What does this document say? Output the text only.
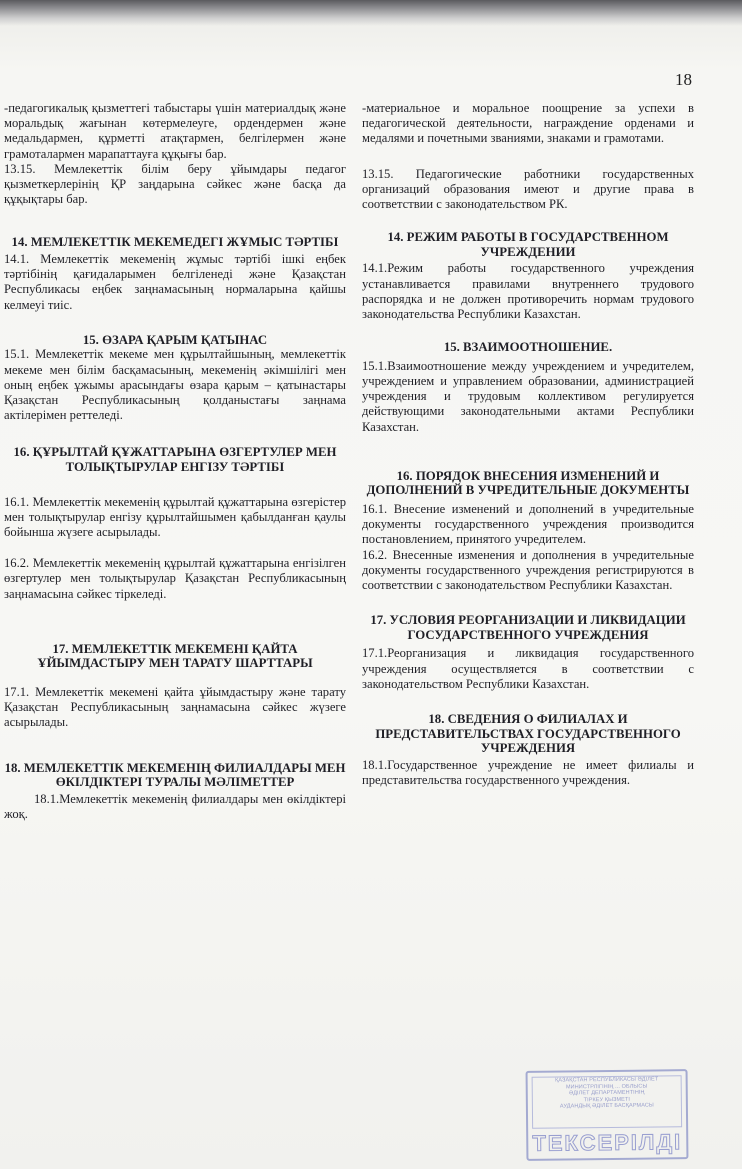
18

-педагогикалық қызметтегі табыстары үшін материалдық және моральдық жағынан көтермелеуге, ордендермен және медальдармен, құрметті атақтармен, белгілермен және грамоталармен марапаттауға құқығы бар.

13.15. Мемлекеттік білім беру ұйымдары педагог қызметкерлерінің ҚР заңдарына сәйкес және басқа да құқықтары бар.

14. МЕМЛЕКЕТТІК МЕКЕМЕДЕГІ ЖҰМЫС ТӘРТІБІ

14.1. Мемлекеттік мекеменің жұмыс тәртібі ішкі еңбек тәртібінің қағидаларымен белгіленеді және Қазақстан Республикасы еңбек заңнамасының нормаларына қайшы келмеуі тиіс.

15. ӨЗАРА ҚАРЫМ ҚАТЫНАС

15.1. Мемлекеттік мекеме мен құрылтайшының, мемлекеттік мекеме мен білім басқамасының, мекеменің әкімшілігі мен оның еңбек ұжымы арасындағы өзара қарым – қатынастары Қазақстан Республикасының қолданыстағы заңнама актілерімен реттеледі.

16. ҚҰРЫЛТАЙ ҚҰЖАТТАРЫНА ӨЗГЕРТУЛЕР МЕН ТОЛЫҚТЫРУЛАР ЕНГІЗУ ТӘРТІБІ

16.1. Мемлекеттік мекеменің құрылтай құжаттарына өзгерістер мен толықтырулар енгізу құрылтайшымен қабылданған қаулы бойынша жүзеге асырылады.

16.2. Мемлекеттік мекеменің құрылтай құжаттарына енгізілген өзгертулер мен толықтырулар Қазақстан Республикасының заңнамасына сәйкес тіркеледі.

17. МЕМЛЕКЕТТІК МЕКЕМЕНІ ҚАЙТА ҰЙЫМДАСТЫРУ МЕН ТАРАТУ ШАРТТАРЫ

17.1. Мемлекеттік мекемені қайта ұйымдастыру және тарату Қазақстан Республикасының заңнамасына сәйкес жүзеге асырылады.

18. МЕМЛЕКЕТТІК МЕКЕМЕНІҢ ФИЛИАЛДАРЫ МЕН ӨКІЛДІКТЕРІ ТУРАЛЫ МӘЛІМЕТТЕР

18.1.Мемлекеттік мекеменің филиалдары мен өкілдіктері жоқ.

-материальное и моральное поощрение за успехи в педагогической деятельности, награждение орденами и медалями и почетными званиями, знаками и грамотами.

13.15. Педагогические работники государственных организаций образования имеют и другие права в соответствии с законодательством РК.

14. РЕЖИМ РАБОТЫ В ГОСУДАРСТВЕННОМ УЧРЕЖДЕНИИ

14.1.Режим работы государственного учреждения устанавливается правилами внутреннего трудового распорядка и не должен противоречить нормам трудового законодательства Республики Казахстан.

15. ВЗАИМООТНОШЕНИЕ.

15.1.Взаимоотношение между учреждением и учредителем, учреждением и управлением образовании, администрацией учреждения и трудовым коллективом регулируется действующими законодательными актами Республики Казахстан.

16. ПОРЯДОК ВНЕСЕНИЯ ИЗМЕНЕНИЙ И ДОПОЛНЕНИЙ В УЧРЕДИТЕЛЬНЫЕ ДОКУМЕНТЫ

16.1. Внесение изменений и дополнений в учредительные документы государственного учреждения производится постановлением, принятого учредителем.

16.2. Внесенные изменения и дополнения в учредительные документы государственного учреждения регистрируются в соответствии с законодательством Республики Казахстан.

17. УСЛОВИЯ РЕОРГАНИЗАЦИИ И ЛИКВИДАЦИИ ГОСУДАРСТВЕННОГО УЧРЕЖДЕНИЯ

17.1.Реорганизация и ликвидация государственного учреждения осуществляется в соответствии с законодательством Республики Казахстан.

18. СВЕДЕНИЯ О ФИЛИАЛАХ И ПРЕДСТАВИТЕЛЬСТВАХ ГОСУДАРСТВЕННОГО УЧРЕЖДЕНИЯ

18.1.Государственное учреждение не имеет филиалы и представительства государственного учреждения.

ҚАЗАҚСТАН РЕСПУБЛИКАСЫ ӘДІЛЕТ
МИНИСТРЛІГІНІҢ ... ОБЛЫСЫ
ӘДІЛЕТ ДЕПАРТАМЕНТІНІҢ
ТІРКЕУ ҚЫЗМЕТІ
АУДАНДЫҚ ӘДІЛЕТ БАСҚАРМАСЫ
ТЕКСЕРІЛДІ
